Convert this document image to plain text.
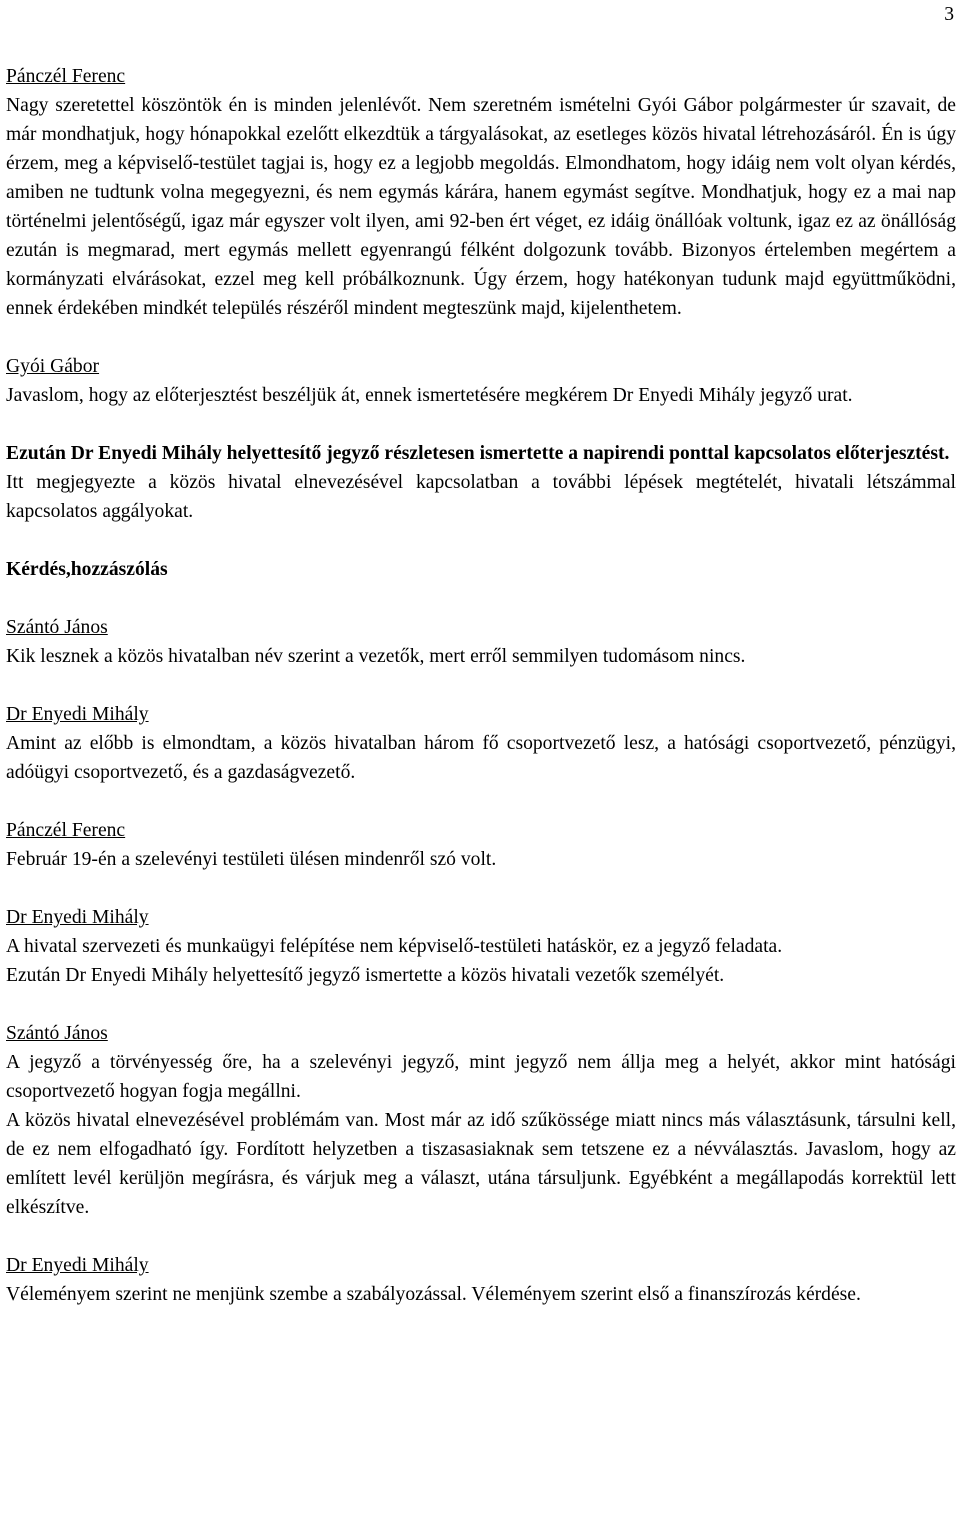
3

Pánczél Ferenc

Nagy szeretettel köszöntök én is minden jelenlévőt. Nem szeretném ismételni Gyói Gábor polgármester úr szavait, de már mondhatjuk, hogy hónapokkal ezelőtt elkezdtük a tárgyalásokat, az esetleges közös hivatal létrehozásáról. Én is úgy érzem, meg a képviselő-testület tagjai is, hogy ez a legjobb megoldás. Elmondhatom, hogy idáig nem volt olyan kérdés, amiben ne tudtunk volna megegyezni, és nem egymás kárára, hanem egymást segítve. Mondhatjuk, hogy ez a mai nap történelmi jelentőségű, igaz már egyszer volt ilyen, ami 92-ben ért véget, ez idáig önállóak voltunk, igaz ez az önállóság ezután is megmarad, mert egymás mellett egyenrangú félként dolgozunk tovább. Bizonyos értelemben megértem a kormányzati elvárásokat, ezzel meg kell próbálkoznunk. Úgy érzem, hogy hatékonyan tudunk majd együttműködni, ennek érdekében mindkét település részéről mindent megteszünk majd, kijelenthetem.

Gyói Gábor

Javaslom, hogy az előterjesztést beszéljük át, ennek ismertetésére megkérem Dr Enyedi Mihály jegyző urat.

Ezután Dr Enyedi Mihály helyettesítő jegyző részletesen ismertette a napirendi ponttal kapcsolatos előterjesztést.

Itt megjegyezte a közös hivatal elnevezésével kapcsolatban a további lépések megtételét, hivatali létszámmal kapcsolatos aggályokat.

Kérdés,hozzászólás

Szántó János

Kik lesznek a közös hivatalban név szerint a vezetők, mert erről semmilyen tudomásom nincs.

Dr Enyedi Mihály

Amint az előbb is elmondtam, a közös hivatalban három fő csoportvezető lesz, a hatósági csoportvezető, pénzügyi, adóügyi csoportvezető, és a gazdaságvezető.

Pánczél Ferenc

Február 19-én a szelevényi testületi ülésen mindenről szó volt.

Dr Enyedi Mihály

A hivatal szervezeti és munkaügyi felépítése nem képviselő-testületi hatáskör, ez a jegyző feladata.

Ezután Dr Enyedi Mihály helyettesítő jegyző ismertette a közös hivatali vezetők személyét.

Szántó János

A jegyző a törvényesség őre, ha a szelevényi jegyző, mint jegyző nem állja meg a helyét, akkor mint hatósági csoportvezető hogyan fogja megállni.

A közös hivatal elnevezésével problémám van. Most már az idő szűkössége miatt nincs más választásunk, társulni kell, de ez nem elfogadható így. Fordított helyzetben a tiszasasiaknak sem tetszene ez a névválasztás. Javaslom, hogy az említett levél kerüljön megírásra, és várjuk meg a választ, utána társuljunk. Egyébként a megállapodás korrektül lett elkészítve.

Dr Enyedi Mihály

Véleményem szerint ne menjünk szembe a szabályozással. Véleményem szerint első a finanszírozás kérdése.
